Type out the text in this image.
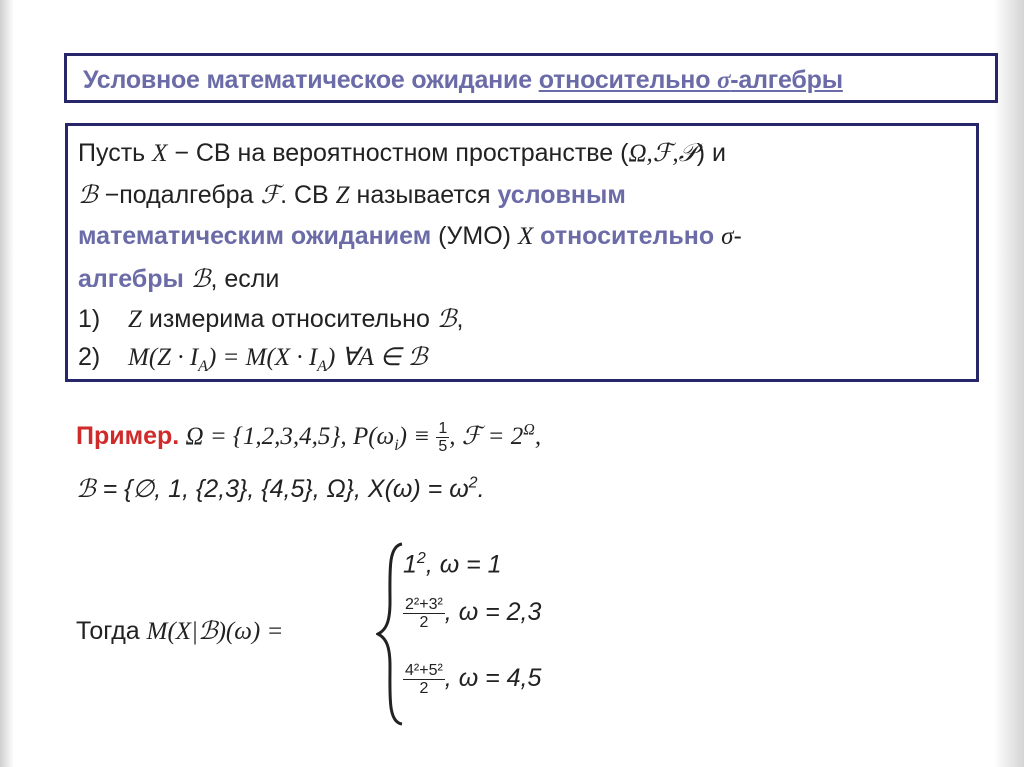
Условное математическое ожидание относительно σ-алгебры

Пусть X − СВ на вероятностном пространстве (Ω,ℱ,𝒫) и

ℬ −подалгебра ℱ. СВ Z называется условным

математическим ожиданием (УМО) X относительно σ-

алгебры ℬ, если

1) Z измерима относительно ℬ,

2) $M(Z \cdot I_A) = M(X \cdot I_A)$ ∀A ∈ ℬ

Пример. Ω = {1,2,3,4,5}, $P(\omega_i) \equiv \frac{1}{5}$ , ℱ = $2^\Omega$,

ℬ = {∅, 1, {2,3}, {4,5}, Ω}, $X(\omega) = \omega^2$.

Тогда M(X|ℬ)(ω) =

$1^2$, ω = 1

$\frac{\text{2²+3²}}{2}$ , ω = 2,3

$\frac{\text{4²+5²}}{2}$ , ω = 4,5
